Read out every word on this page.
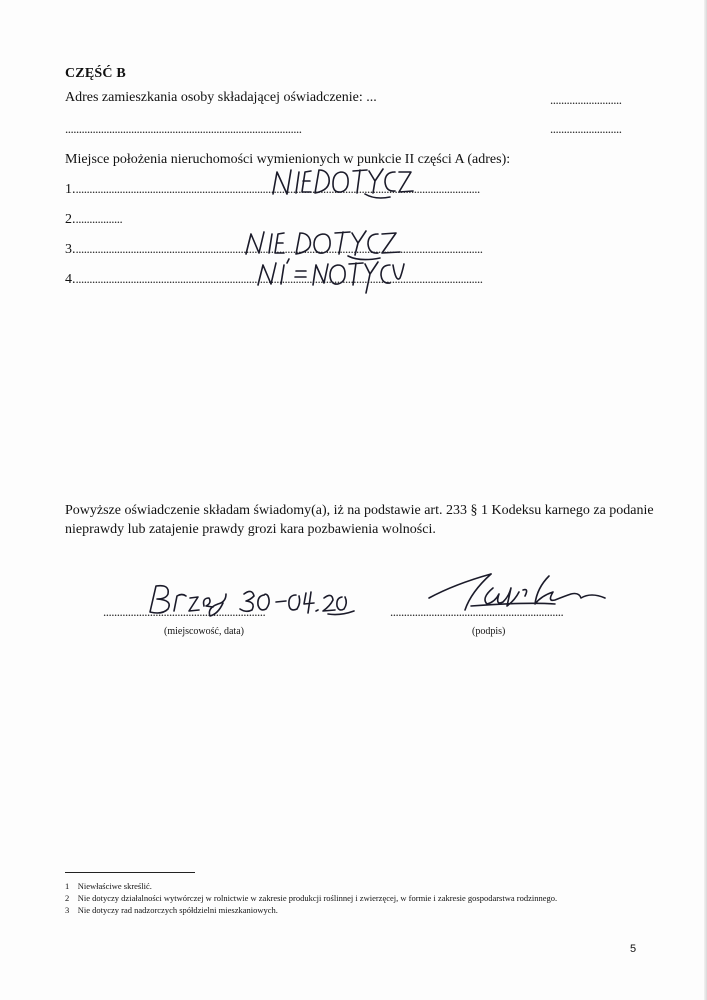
CZĘŚĆ B
Adres zamieszkania osoby składającej oświadczenie: ...	..........................
......................................................................................	..........................
Miejsce położenia nieruchomości wymienionych w punkcie II części A (adres):
1....................................................................................................................................................
2..................
3.....................................................................................................................................................
4.....................................................................................................................................................
Powyższe oświadczenie składam świadomy(a), iż na podstawie art. 233 § 1 Kodeksu karnego za podanie
nieprawdy lub zatajenie prawdy grozi kara pozbawienia wolności.
...........................................................
(miejscowość, data)
...............................................................
(podpis)
1 Niewłaściwe skreślić.
2 Nie dotyczy działalności wytwórczej w rolnictwie w zakresie produkcji roślinnej i zwierzęcej, w formie i zakresie gospodarstwa rodzinnego.
3 Nie dotyczy rad nadzorczych spółdzielni mieszkaniowych.
5
